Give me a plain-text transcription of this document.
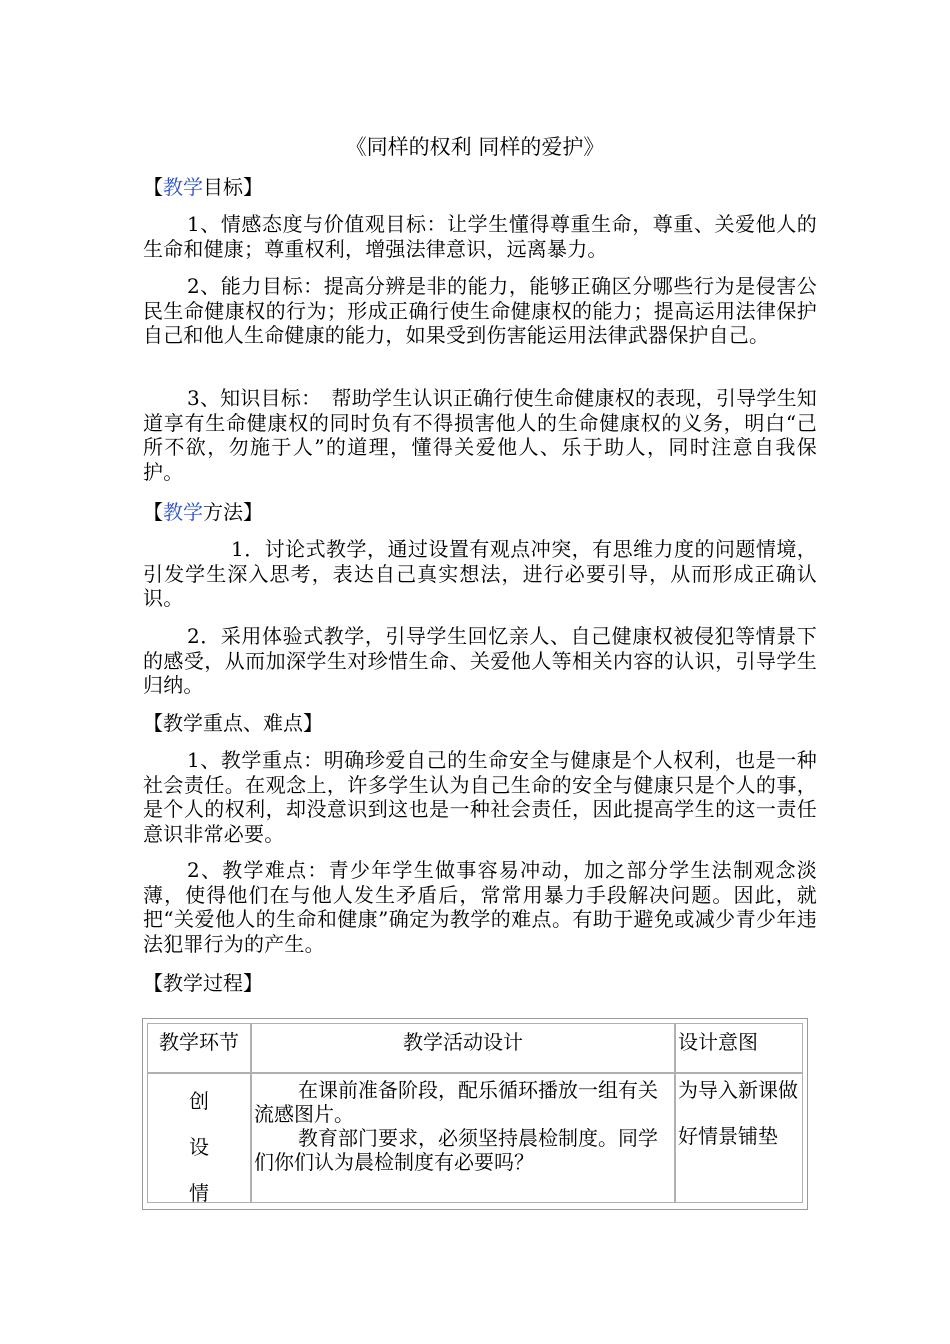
《同样的权利 同样的爱护》
【教学目标】
1、情感态度与价值观目标：让学生懂得尊重生命，尊重、关爱他人的生命和健康；尊重权利，增强法律意识，远离暴力。
2、能力目标：提高分辨是非的能力，能够正确区分哪些行为是侵害公民生命健康权的行为；形成正确行使生命健康权的能力；提高运用法律保护自己和他人生命健康的能力，如果受到伤害能运用法律武器保护自己。
3、知识目标：　帮助学生认识正确行使生命健康权的表现，引导学生知道享有生命健康权的同时负有不得损害他人的生命健康权的义务，明白“己所不欲，勿施于人”的道理，懂得关爱他人、乐于助人，同时注意自我保护。
【教学方法】
1．讨论式教学，通过设置有观点冲突，有思维力度的问题情境，引发学生深入思考，表达自己真实想法，进行必要引导，从而形成正确认识。
2．采用体验式教学，引导学生回忆亲人、自己健康权被侵犯等情景下的感受，从而加深学生对珍惜生命、关爱他人等相关内容的认识，引导学生归纳。
【教学重点、难点】
1、教学重点：明确珍爱自己的生命安全与健康是个人权利，也是一种社会责任。在观念上，许多学生认为自己生命的安全与健康只是个人的事，是个人的权利，却没意识到这也是一种社会责任，因此提高学生的这一责任意识非常必要。
2、教学难点：青少年学生做事容易冲动，加之部分学生法制观念淡薄，使得他们在与他人发生矛盾后，常常用暴力手段解决问题。因此，就把“关爱他人的生命和健康”确定为教学的难点。有助于避免或减少青少年违法犯罪行为的产生。
【教学过程】
教学环节	教学活动设计	设计意图
创
设
情

在课前准备阶段，配乐循环播放一组有关流感图片。

教育部门要求，必须坚持晨检制度。同学们你们认为晨检制度有必要吗？

为导入新课做

好情景铺垫
